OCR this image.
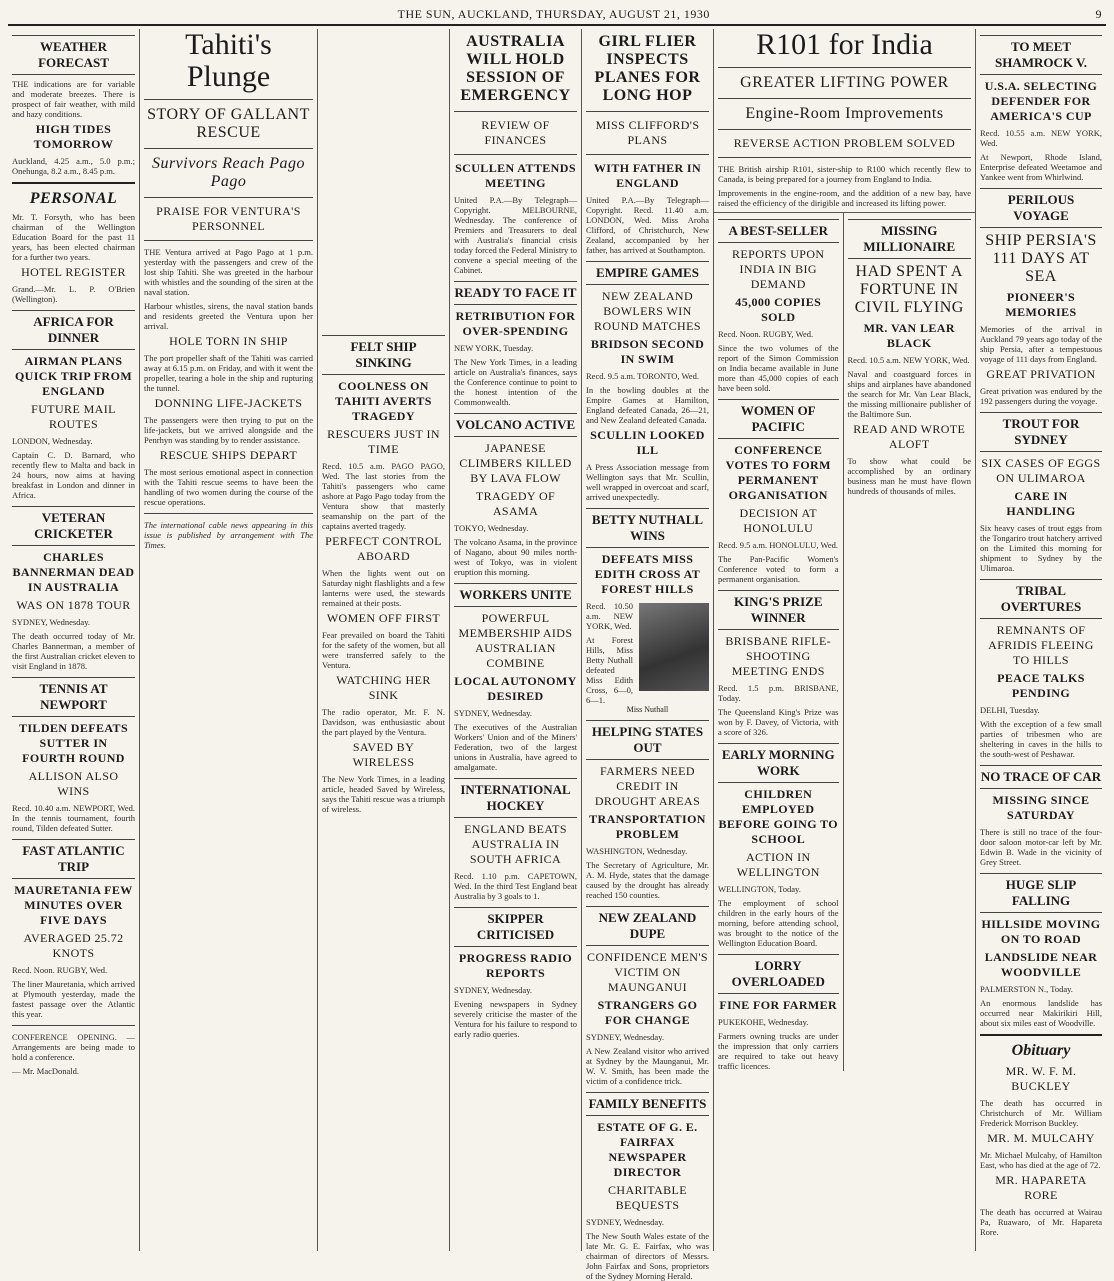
THE SUN, AUCKLAND, THURSDAY, AUGUST 21, 1930	9
WEATHER FORECAST

THE indications are for variable and moderate breezes. There is prospect of fair weather, with mild and hazy conditions.

HIGH TIDES TOMORROW

Auckland, 4.25 a.m., 5.0 p.m.; Onehunga, 8.2 a.m., 8.45 p.m.

PERSONAL

Mr. T. Forsyth, who has been chairman of the Wellington Education Board for the past 11 years, has been elected chairman for a further two years.

HOTEL REGISTER

Grand.—Mr. L. P. O'Brien (Wellington).

AFRICA FOR DINNER
AIRMAN PLANS QUICK TRIP FROM ENGLAND
FUTURE MAIL ROUTES

LONDON, Wednesday.

Captain C. D. Barnard, who recently flew to Malta and back in 24 hours, now aims at having breakfast in London and dinner in Africa.

VETERAN CRICKETER
CHARLES BANNERMAN DEAD IN AUSTRALIA
WAS ON 1878 TOUR

SYDNEY, Wednesday.

The death occurred today of Mr. Charles Bannerman, a member of the first Australian cricket eleven to visit England in 1878.

TENNIS AT NEWPORT
TILDEN DEFEATS SUTTER IN FOURTH ROUND
ALLISON ALSO WINS

Recd. 10.40 a.m. NEWPORT, Wed. In the tennis tournament, fourth round, Tilden defeated Sutter.

FAST ATLANTIC TRIP
MAURETANIA FEW MINUTES OVER FIVE DAYS
AVERAGED 25.72 KNOTS

Recd. Noon. RUGBY, Wed.

The liner Mauretania, which arrived at Plymouth yesterday, made the fastest passage over the Atlantic this year.

CONFERENCE OPENING. — Arrangements are being made to hold a conference.

— Mr. MacDonald.

Tahiti's Plunge
STORY OF GALLANT RESCUE
Survivors Reach Pago Pago
PRAISE FOR VENTURA'S PERSONNEL

THE Ventura arrived at Pago Pago at 1 p.m. yesterday with the passengers and crew of the lost ship Tahiti. She was greeted in the harbour with whistles and the sounding of the siren at the naval station.

Harbour whistles, sirens, the naval station bands and residents greeted the Ventura upon her arrival.

HOLE TORN IN SHIP

The port propeller shaft of the Tahiti was carried away at 6.15 p.m. on Friday, and with it went the propeller, tearing a hole in the ship and rupturing the tunnel.

DONNING LIFE-JACKETS

The passengers were then trying to put on the life-jackets, but we arrived alongside and the Penrhyn was standing by to render assistance.

RESCUE SHIPS DEPART

The most serious emotional aspect in connection with the Tahiti rescue seems to have been the handling of two women during the course of the rescue operations.

The international cable news appearing in this issue is published by arrangement with The Times.

FELT SHIP SINKING
COOLNESS ON TAHITI AVERTS TRAGEDY
RESCUERS JUST IN TIME

Recd. 10.5 a.m. PAGO PAGO, Wed. The last stories from the Tahiti's passengers who came ashore at Pago Pago today from the Ventura show that masterly seamanship on the part of the captains averted tragedy.

PERFECT CONTROL ABOARD

When the lights went out on Saturday night flashlights and a few lanterns were used, the stewards remained at their posts.

WOMEN OFF FIRST

Fear prevailed on board the Tahiti for the safety of the women, but all were transferred safely to the Ventura.

WATCHING HER SINK

The radio operator, Mr. F. N. Davidson, was enthusiastic about the part played by the Ventura.

SAVED BY WIRELESS

The New York Times, in a leading article, headed Saved by Wireless, says the Tahiti rescue was a triumph of wireless.

AUSTRALIA WILL HOLD SESSION OF EMERGENCY
REVIEW OF FINANCES
SCULLEN ATTENDS MEETING

United P.A.—By Telegraph—Copyright. MELBOURNE, Wednesday. The conference of Premiers and Treasurers to deal with Australia's financial crisis today forced the Federal Ministry to convene a special meeting of the Cabinet.

READY TO FACE IT
RETRIBUTION FOR OVER-SPENDING

NEW YORK, Tuesday.

The New York Times, in a leading article on Australia's finances, says the Conference continue to point to the honest intention of the Commonwealth.

VOLCANO ACTIVE
JAPANESE CLIMBERS KILLED BY LAVA FLOW
TRAGEDY OF ASAMA

TOKYO, Wednesday.

The volcano Asama, in the province of Nagano, about 90 miles north-west of Tokyo, was in violent eruption this morning.

WORKERS UNITE
POWERFUL MEMBERSHIP AIDS AUSTRALIAN COMBINE
LOCAL AUTONOMY DESIRED

SYDNEY, Wednesday.

The executives of the Australian Workers' Union and of the Miners' Federation, two of the largest unions in Australia, have agreed to amalgamate.

INTERNATIONAL HOCKEY
ENGLAND BEATS AUSTRALIA IN SOUTH AFRICA

Recd. 1.10 p.m. CAPETOWN, Wed. In the third Test England beat Australia by 3 goals to 1.

SKIPPER CRITICISED
PROGRESS RADIO REPORTS

SYDNEY, Wednesday.

Evening newspapers in Sydney severely criticise the master of the Ventura for his failure to respond to early radio queries.

GIRL FLIER INSPECTS PLANES FOR LONG HOP
MISS CLIFFORD'S PLANS
WITH FATHER IN ENGLAND

United P.A.—By Telegraph—Copyright. Recd. 11.40 a.m. LONDON, Wed. Miss Aroha Clifford, of Christchurch, New Zealand, accompanied by her father, has arrived at Southampton.

EMPIRE GAMES
NEW ZEALAND BOWLERS WIN ROUND MATCHES
BRIDSON SECOND IN SWIM

Recd. 9.5 a.m. TORONTO, Wed.

In the bowling doubles at the Empire Games at Hamilton, England defeated Canada, 26—21, and New Zealand defeated Canada.

SCULLIN LOOKED ILL

A Press Association message from Wellington says that Mr. Scullin, well wrapped in overcoat and scarf, arrived unexpectedly.

BETTY NUTHALL WINS
DEFEATS MISS EDITH CROSS AT FOREST HILLS

Recd. 10.50 a.m. NEW YORK, Wed.

At Forest Hills, Miss Betty Nuthall defeated Miss Edith Cross, 6—0, 6—1.

Miss Nuthall
HELPING STATES OUT
FARMERS NEED CREDIT IN DROUGHT AREAS
TRANSPORTATION PROBLEM

WASHINGTON, Wednesday.

The Secretary of Agriculture, Mr. A. M. Hyde, states that the damage caused by the drought has already reached 150 counties.

NEW ZEALAND DUPE
CONFIDENCE MEN'S VICTIM ON MAUNGANUI
STRANGERS GO FOR CHANGE

SYDNEY, Wednesday.

A New Zealand visitor who arrived at Sydney by the Maunganui, Mr. W. V. Smith, has been made the victim of a confidence trick.

FAMILY BENEFITS
ESTATE OF G. E. FAIRFAX NEWSPAPER DIRECTOR
CHARITABLE BEQUESTS

SYDNEY, Wednesday.

The New South Wales estate of the late Mr. G. E. Fairfax, who was chairman of directors of Messrs. John Fairfax and Sons, proprietors of the Sydney Morning Herald.

R101 for India
GREATER LIFTING POWER
Engine-Room Improvements
REVERSE ACTION PROBLEM SOLVED

THE British airship R101, sister-ship to R100 which recently flew to Canada, is being prepared for a journey from England to India.

Improvements in the engine-room, and the addition of a new bay, have raised the efficiency of the dirigible and increased its lifting power.

A BEST-SELLER
REPORTS UPON INDIA IN BIG DEMAND
45,000 COPIES SOLD

Recd. Noon. RUGBY, Wed.

Since the two volumes of the report of the Simon Commission on India became available in June more than 45,000 copies of each have been sold.

WOMEN OF PACIFIC
CONFERENCE VOTES TO FORM PERMANENT ORGANISATION
DECISION AT HONOLULU

Recd. 9.5 a.m. HONOLULU, Wed.

The Pan-Pacific Women's Conference voted to form a permanent organisation.

KING'S PRIZE WINNER
BRISBANE RIFLE-SHOOTING MEETING ENDS

Recd. 1.5 p.m. BRISBANE, Today.

The Queensland King's Prize was won by F. Davey, of Victoria, with a score of 326.

EARLY MORNING WORK
CHILDREN EMPLOYED BEFORE GOING TO SCHOOL
ACTION IN WELLINGTON

WELLINGTON, Today.

The employment of school children in the early hours of the morning, before attending school, was brought to the notice of the Wellington Education Board.

LORRY OVERLOADED
FINE FOR FARMER

PUKEKOHE, Wednesday.

Farmers owning trucks are under the impression that only carriers are required to take out heavy traffic licences.

MISSING MILLIONAIRE
HAD SPENT A FORTUNE IN CIVIL FLYING
MR. VAN LEAR BLACK

Recd. 10.5 a.m. NEW YORK, Wed.

Naval and coastguard forces in ships and airplanes have abandoned the search for Mr. Van Lear Black, the missing millionaire publisher of the Baltimore Sun.

READ AND WROTE ALOFT

To show what could be accomplished by an ordinary business man he must have flown hundreds of thousands of miles.

TO MEET SHAMROCK V.
U.S.A. SELECTING DEFENDER FOR AMERICA'S CUP

Recd. 10.55 a.m. NEW YORK, Wed.

At Newport, Rhode Island, Enterprise defeated Weetamoe and Yankee went from Whirlwind.

PERILOUS VOYAGE
SHIP PERSIA'S 111 DAYS AT SEA
PIONEER'S MEMORIES

Memories of the arrival in Auckland 79 years ago today of the ship Persia, after a tempestuous voyage of 111 days from England.

GREAT PRIVATION

Great privation was endured by the 192 passengers during the voyage.

TROUT FOR SYDNEY
SIX CASES OF EGGS ON ULIMAROA
CARE IN HANDLING

Six heavy cases of trout eggs from the Tongariro trout hatchery arrived on the Limited this morning for shipment to Sydney by the Ulimaroa.

TRIBAL OVERTURES
REMNANTS OF AFRIDIS FLEEING TO HILLS
PEACE TALKS PENDING

DELHI, Tuesday.

With the exception of a few small parties of tribesmen who are sheltering in caves in the hills to the south-west of Peshawar.

NO TRACE OF CAR
MISSING SINCE SATURDAY

There is still no trace of the four-door saloon motor-car left by Mr. Edwin B. Wade in the vicinity of Grey Street.

HUGE SLIP FALLING
HILLSIDE MOVING ON TO ROAD
LANDSLIDE NEAR WOODVILLE

PALMERSTON N., Today.

An enormous landslide has occurred near Makirikiri Hill, about six miles east of Woodville.

Obituary
MR. W. F. M. BUCKLEY

The death has occurred in Christchurch of Mr. William Frederick Morrison Buckley.

MR. M. MULCAHY

Mr. Michael Mulcahy, of Hamilton East, who has died at the age of 72.

MR. HAPARETA RORE

The death has occurred at Wairau Pa, Ruawaro, of Mr. Hapareta Rore.
